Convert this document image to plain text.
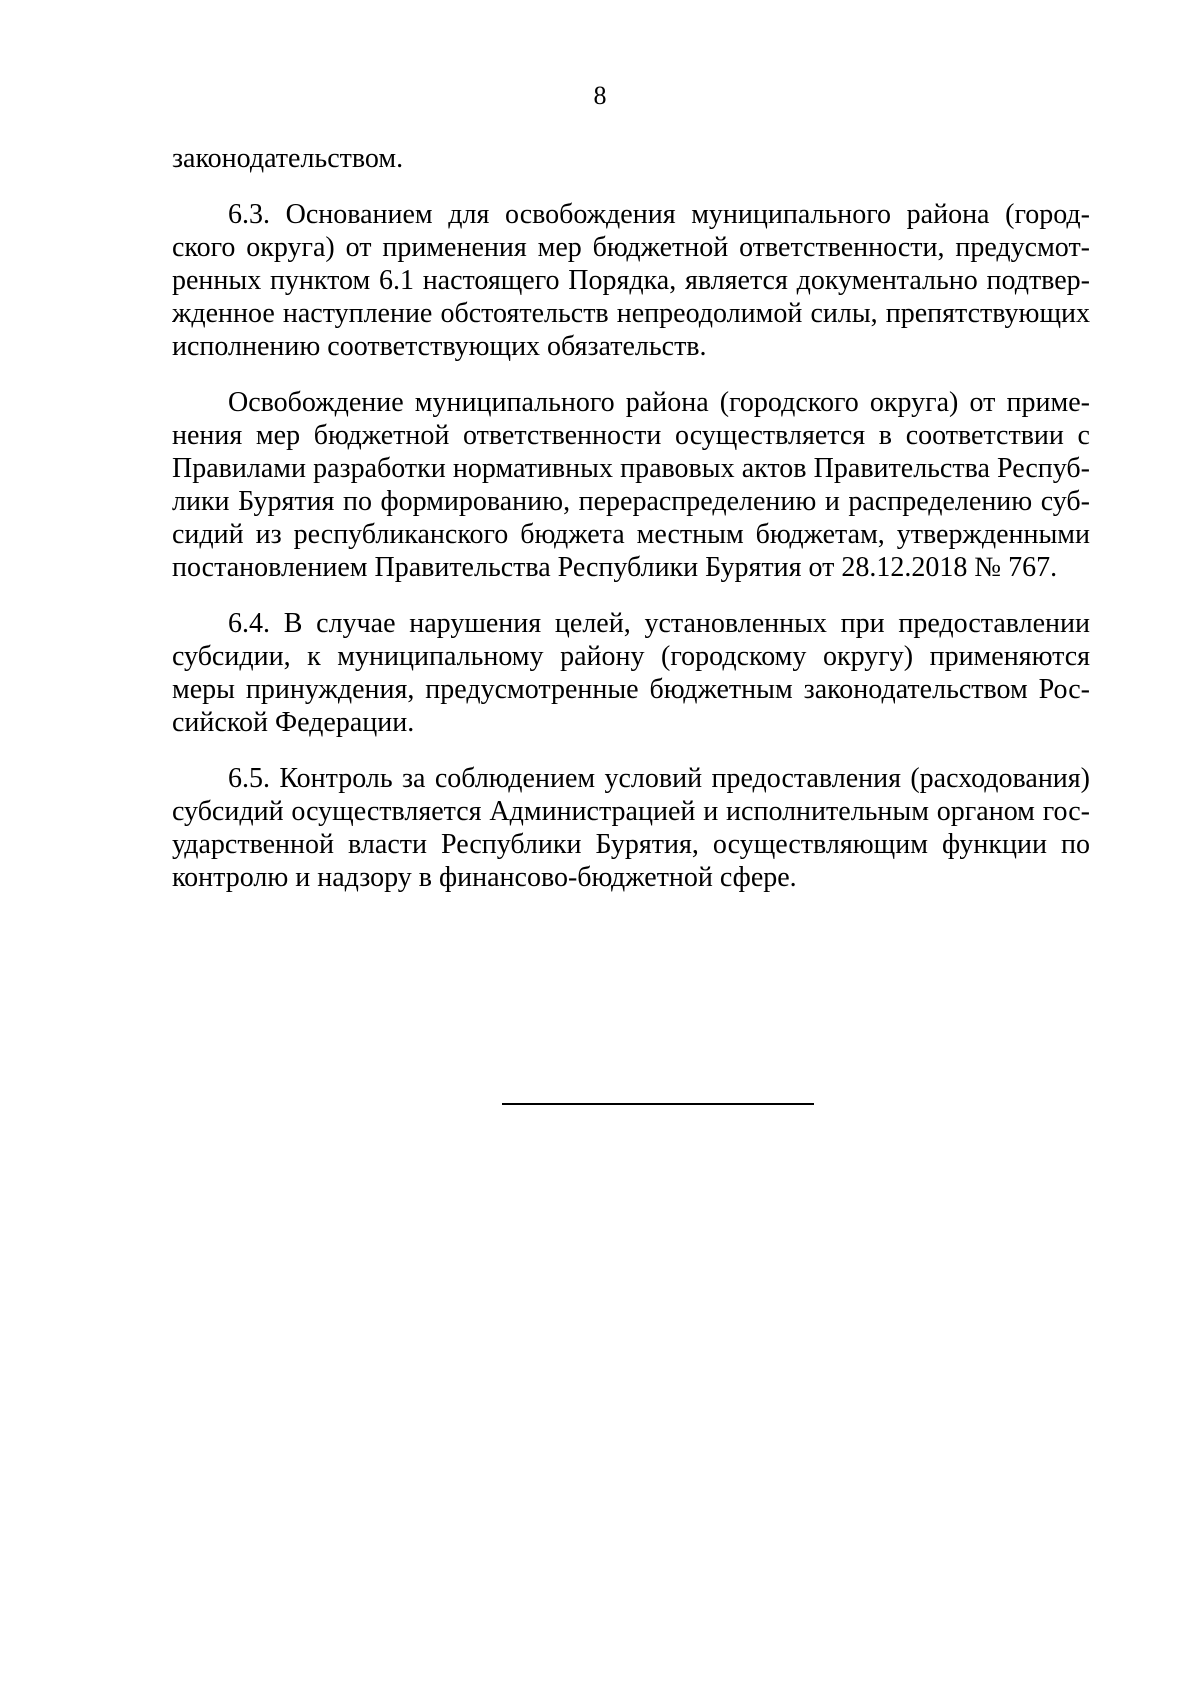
8
законодательством.
6.3. Основанием для освобождения муниципального района (город-
ского округа) от применения мер бюджетной ответственности, предусмот-
ренных пунктом 6.1 настоящего Порядка, является документально подтвер-
жденное наступление обстоятельств непреодолимой силы, препятствующих
исполнению соответствующих обязательств.
Освобождение муниципального района (городского округа) от приме-
нения мер бюджетной ответственности осуществляется в соответствии с
Правилами разработки нормативных правовых актов Правительства Респуб-
лики Бурятия по формированию, перераспределению и распределению суб-
сидий из республиканского бюджета местным бюджетам, утвержденными
постановлением Правительства Республики Бурятия от 28.12.2018 № 767.
6.4. В случае нарушения целей, установленных при предоставлении
субсидии, к муниципальному району (городскому округу) применяются
меры принуждения, предусмотренные бюджетным законодательством Рос-
сийской Федерации.
6.5. Контроль за соблюдением условий предоставления (расходования)
субсидий осуществляется Администрацией и исполнительным органом гос-
ударственной власти Республики Бурятия, осуществляющим функции по
контролю и надзору в финансово-бюджетной сфере.
